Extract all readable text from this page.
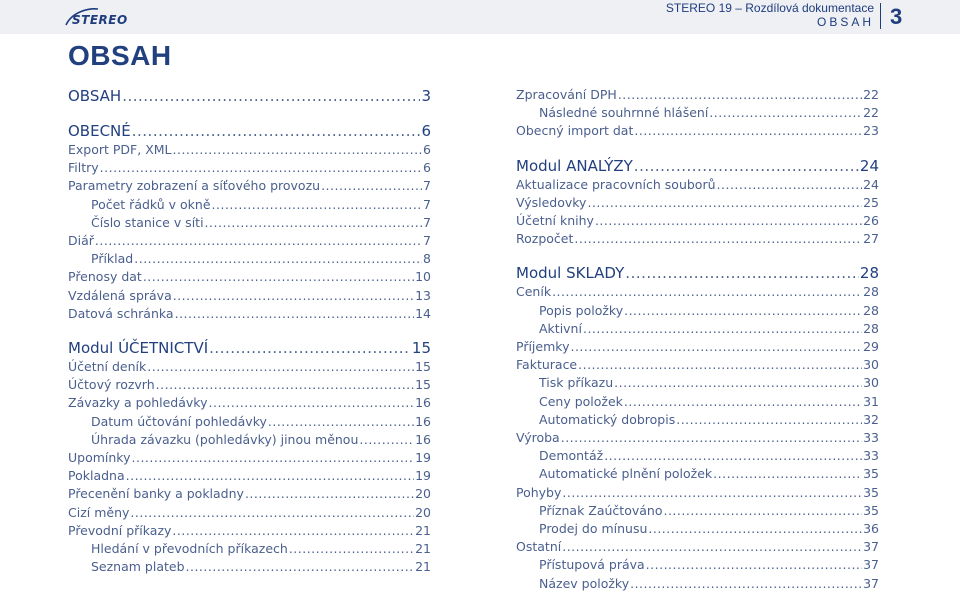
STEREO
STEREO 19 – Rozdílová dokumentace
OBSAH 3
OBSAH
OBSAH .....	3
OBECNÉ .....	6
Export PDF, XML .....	6
Filtry .....	6
Parametry zobrazení a síťového provozu .....	7
Počet řádků v okně .....	7
Číslo stanice v síti .....	7
Diář .....	7
Příklad .....	8
Přenosy dat .....	10
Vzdálená správa .....	13
Datová schránka .....	14
Modul ÚČETNICTVÍ .....	15
Účetní deník .....	15
Účtový rozvrh .....	15
Závazky a pohledávky .....	16
Datum účtování pohledávky .....	16
Úhrada závazku (pohledávky) jinou měnou .....	16
Upomínky .....	19
Pokladna .....	19
Přecenění banky a pokladny .....	20
Cizí měny .....	20
Převodní příkazy .....	21
Hledání v převodních příkazech .....	21
Seznam plateb .....	21
Zpracování DPH .....	22
Následné souhrnné hlášení .....	22
Obecný import dat .....	23
Modul ANALÝZY .....	24
Aktualizace pracovních souborů .....	24
Výsledovky .....	25
Účetní knihy .....	26
Rozpočet .....	27
Modul SKLADY .....	28
Ceník .....	28
Popis položky .....	28
Aktivní .....	28
Příjemky .....	29
Fakturace .....	30
Tisk příkazu .....	30
Ceny položek .....	31
Automatický dobropis .....	32
Výroba .....	33
Demontáž .....	33
Automatické plnění položek .....	35
Pohyby .....	35
Příznak Zaúčtováno .....	35
Prodej do mínusu .....	36
Ostatní .....	37
Přístupová práva .....	37
Název položky .....	37
